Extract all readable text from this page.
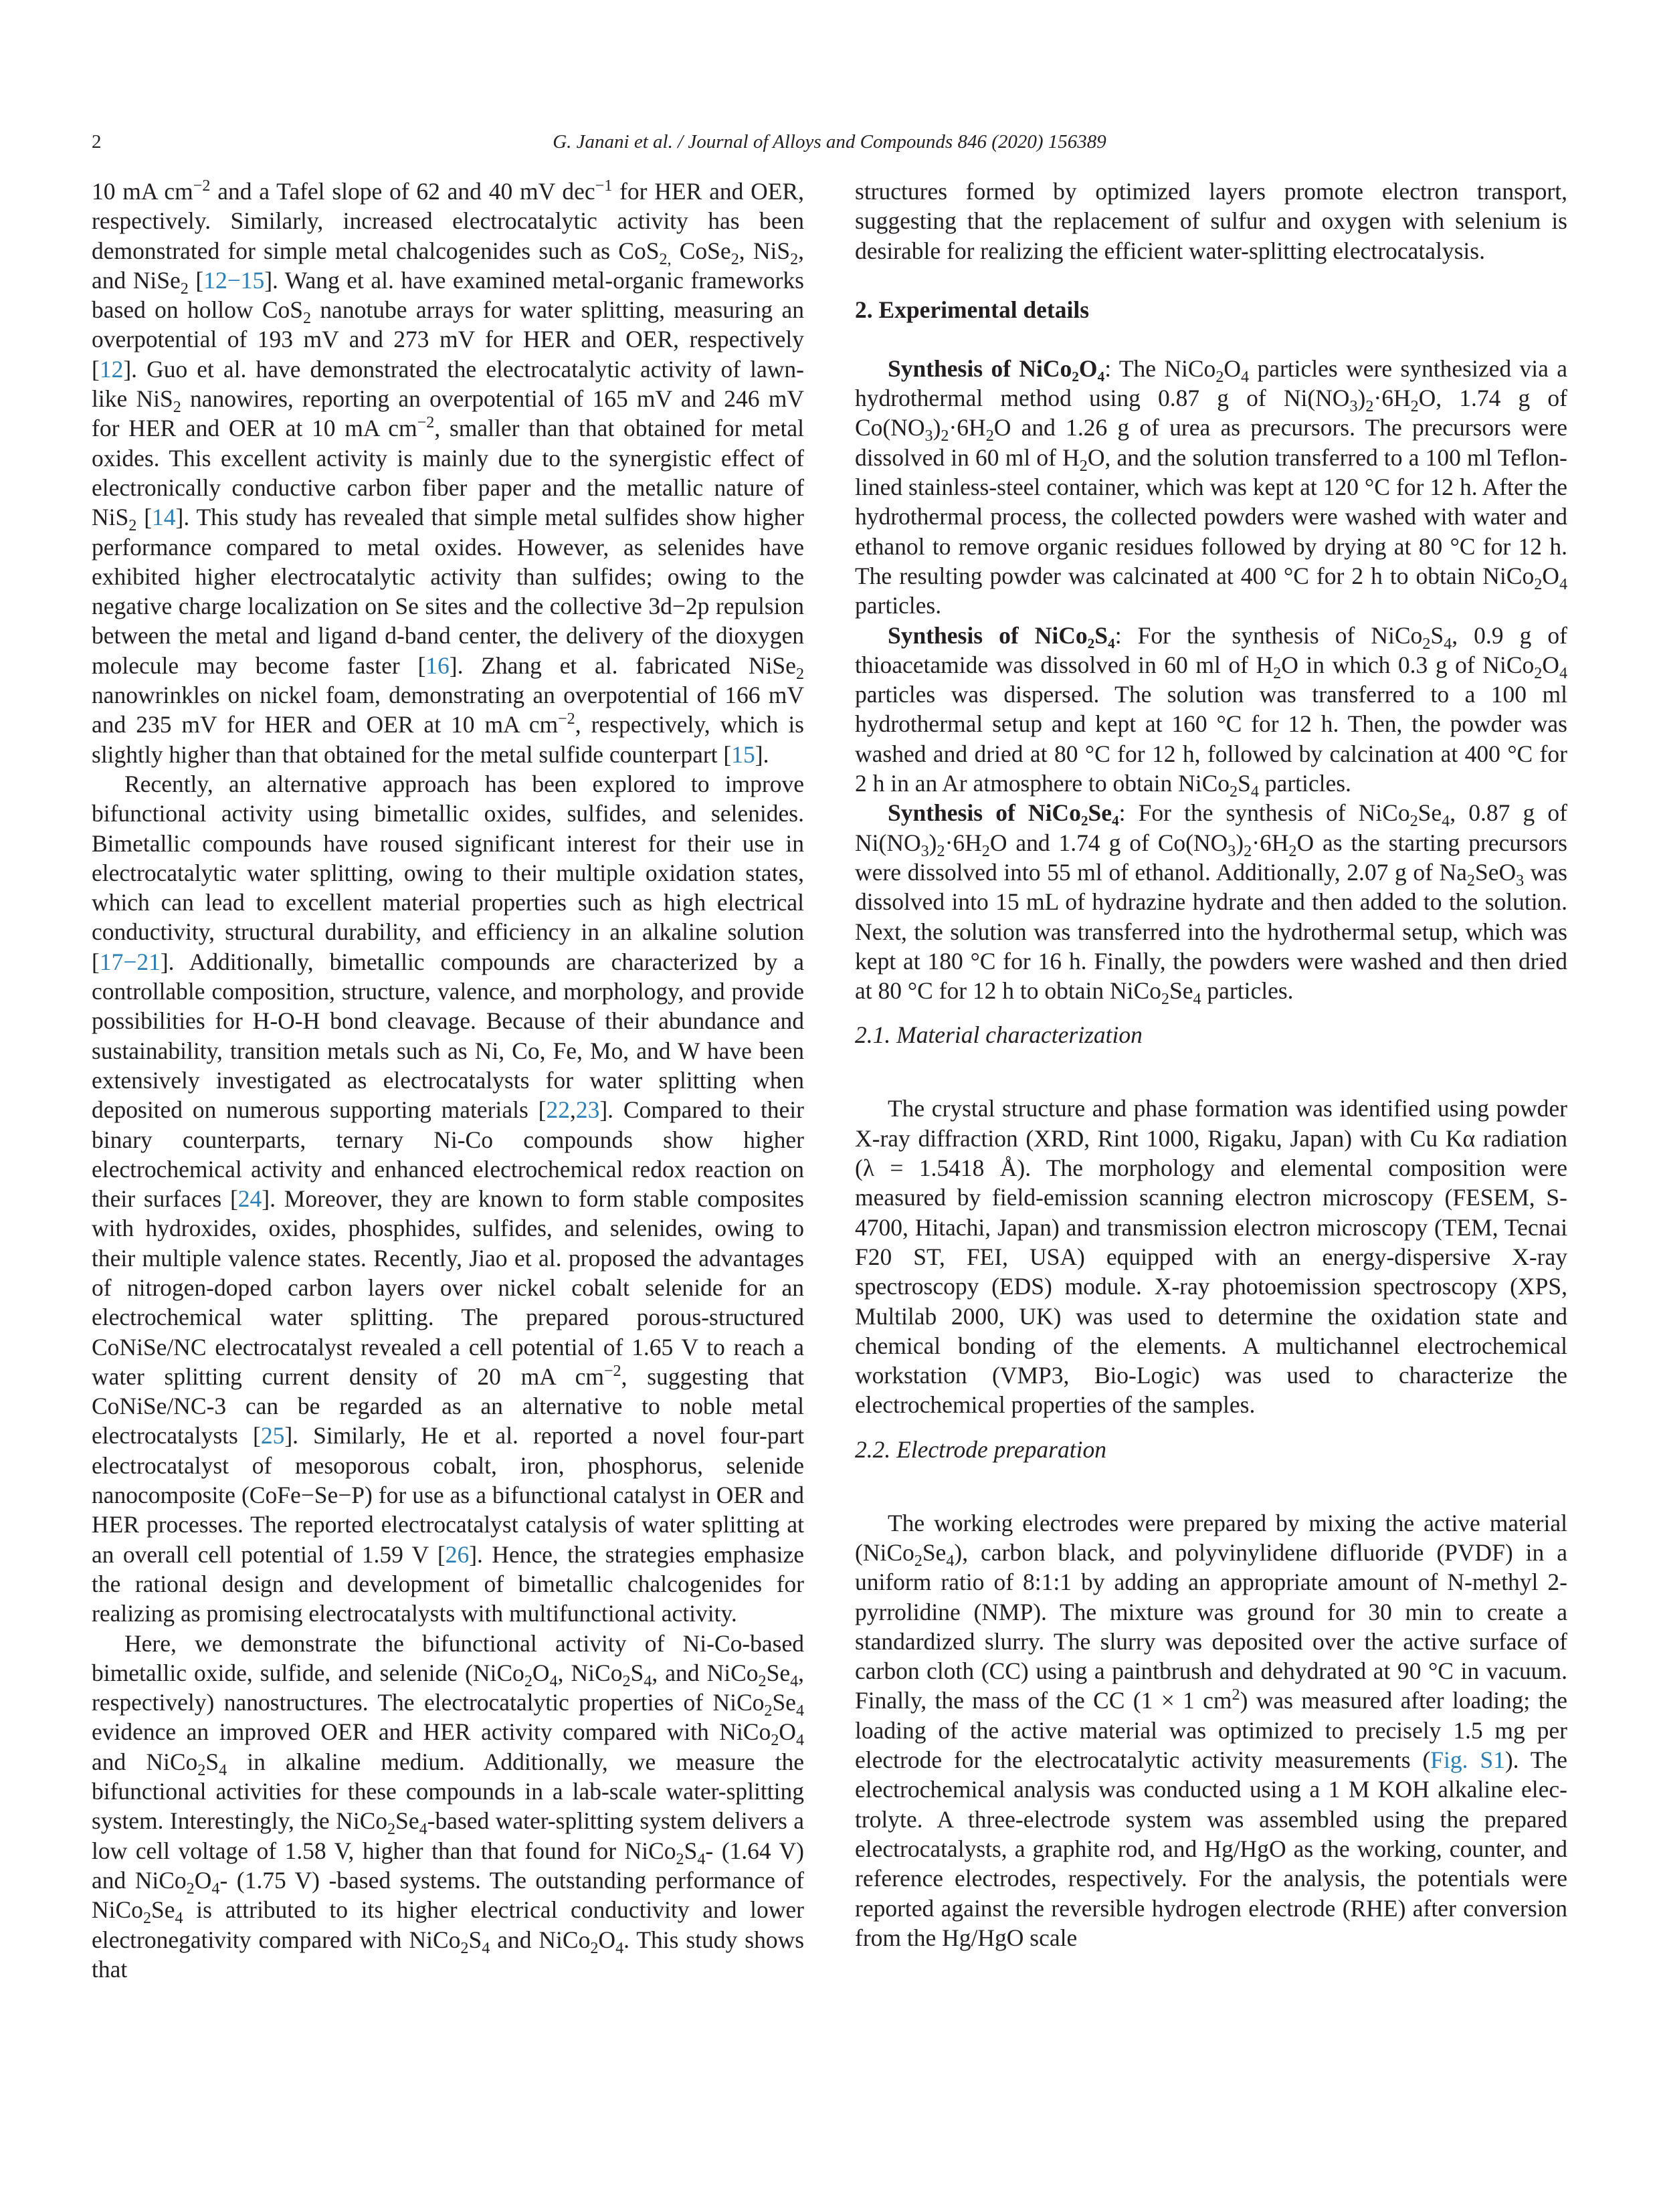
2	G. Janani et al. / Journal of Alloys and Compounds 846 (2020) 156389

10 mA $cm^{-2}$ and a Tafel slope of 62 and 40 mV dec$^{-1}$ for HER and OER, respectively. Similarly, increased electrocatalytic activity has been demonstrated for simple metal chalcogenides such as CoS$_{2,}$ CoSe$_2$, NiS$_2$, and NiSe$_2$ [12−15]. Wang et al. have examined metal-organic frameworks based on hollow CoS$_2$ nanotube arrays for water splitting, measuring an overpotential of 193 mV and 273 mV for HER and OER, respectively [12]. Guo et al. have demonstrated the electrocatalytic activity of lawn-like NiS$_2$ nanowires, reporting an overpotential of 165 mV and 246 mV for HER and OER at 10 mA $cm^{-2}$, smaller than that obtained for metal oxides. This excellent activity is mainly due to the synergistic effect of electronically conductive carbon fiber paper and the metallic nature of NiS$_2$ [14]. This study has revealed that simple metal sulfides show higher performance compared to metal oxides. However, as selenides have exhibited higher electrocatalytic activity than sulfides; owing to the negative charge localization on Se sites and the collective 3d−2p repulsion between the metal and ligand d-band center, the delivery of the dioxygen molecule may become faster [16]. Zhang et al. fabricated NiSe$_2$ nanowrinkles on nickel foam, demonstrating an overpotential of 166 mV and 235 mV for HER and OER at 10 mA $cm^{-2}$, respectively, which is slightly higher than that obtained for the metal sulfide counterpart [15].

Recently, an alternative approach has been explored to improve bifunctional activity using bimetallic oxides, sulfides, and selenides. Bimetallic compounds have roused significant interest for their use in electrocatalytic water splitting, owing to their multiple oxidation states, which can lead to excellent material properties such as high electrical conductivity, structural durability, and efficiency in an alkaline solution [17−21]. Additionally, bimetallic compounds are characterized by a controllable composition, structure, valence, and morphology, and provide possibilities for H-O-H bond cleavage. Because of their abundance and sustainability, transition metals such as Ni, Co, Fe, Mo, and W have been extensively investigated as electrocatalysts for water splitting when deposited on numerous supporting materials [22,23]. Compared to their binary counterparts, ternary Ni-Co compounds show higher electrochemical activity and enhanced electrochemical redox reaction on their surfaces [24]. Moreover, they are known to form stable composites with hydroxides, oxides, phosphides, sulfides, and selenides, owing to their multiple valence states. Recently, Jiao et al. proposed the advantages of nitrogen-doped carbon layers over nickel cobalt selenide for an electrochemical water splitting. The prepared porous-structured CoNiSe/NC electrocatalyst revealed a cell potential of 1.65 V to reach a water splitting current density of 20 mA $cm^{-2}$, suggesting that CoNiSe/NC-3 can be regarded as an alternative to noble metal electrocatalysts [25]. Similarly, He et al. reported a novel four-part electrocatalyst of mesoporous cobalt, iron, phosphorus, selenide nanocomposite (CoFe−Se−P) for use as a bifunctional catalyst in OER and HER processes. The reported electrocatalyst catalysis of water splitting at an overall cell potential of 1.59 V [26]. Hence, the strategies emphasize the rational design and development of bimetallic chalcogenides for realizing as promising electrocatalysts with multifunctional activity.

Here, we demonstrate the bifunctional activity of Ni-Co-based bimetallic oxide, sulfide, and selenide ($NiCo_2O_4$, $NiCo_2S_4$, and $NiCo_2Se_4$, respectively) nanostructures. The electrocatalytic properties of $NiCo_2Se_4$ evidence an improved OER and HER activity compared with $NiCo_2O_4$ and $NiCo_2S_4$ in alkaline medium. Additionally, we measure the bifunctional activities for these compounds in a lab-scale water-splitting system. Interestingly, the $NiCo_2Se_4$-based water-splitting system delivers a low cell voltage of 1.58 V, higher than that found for $NiCo_2S_4-$ (1.64 V) and $NiCo_2O_4-$ (1.75 V) -based systems. The outstanding performance of $NiCo_2Se_4$ is attributed to its higher electrical conductivity and lower electronegativity compared with $NiCo_2S_4$ and $NiCo_2O_4$. This study shows that

structures formed by optimized layers promote electron transport, suggesting that the replacement of sulfur and oxygen with selenium is desirable for realizing the efficient water-splitting electrocatalysis.

2. Experimental details

Synthesis of NiCo₂O₄: The $NiCo_2O_4$ particles were synthesized via a hydrothermal method using 0.87 g of $Ni(NO_3)_2\cdot 6H_2O$, 1.74 g of $Co(NO_3)_2\cdot 6H_2O$ and 1.26 g of urea as precursors. The precursors were dissolved in 60 ml of $H_2O$, and the solution transferred to a 100 ml Teflon-lined stainless-steel container, which was kept at 120 °C for 12 h. After the hydrothermal process, the collected powders were washed with water and ethanol to remove organic residues followed by drying at 80 °C for 12 h. The resulting powder was calcinated at 400 °C for 2 h to obtain $NiCo_2O_4$ particles.

Synthesis of NiCo₂S₄: For the synthesis of $NiCo_2S_4$, 0.9 g of thioacetamide was dissolved in 60 ml of $H_2O$ in which 0.3 g of $NiCo_2O_4$ particles was dispersed. The solution was transferred to a 100 ml hydrothermal setup and kept at 160 °C for 12 h. Then, the powder was washed and dried at 80 °C for 12 h, followed by calcination at 400 °C for 2 h in an Ar atmosphere to obtain $NiCo_2S_4$ particles.

Synthesis of NiCo₂Se₄: For the synthesis of $NiCo_2Se_4$, 0.87 g of $Ni(NO_3)_2\cdot 6H_2O$ and 1.74 g of $Co(NO_3)_2\cdot 6H_2O$ as the starting precursors were dissolved into 55 ml of ethanol. Additionally, 2.07 g of $Na_2SeO_3$ was dissolved into 15 mL of hydrazine hydrate and then added to the solution. Next, the solution was transferred into the hydrothermal setup, which was kept at 180 °C for 16 h. Finally, the powders were washed and then dried at 80 °C for 12 h to obtain $NiCo_2Se_4$ particles.

2.1. Material characterization

The crystal structure and phase formation was identified using powder X-ray diffraction (XRD, Rint 1000, Rigaku, Japan) with Cu Kα radiation (λ = 1.5418 Å). The morphology and elemental composition were measured by field-emission scanning electron microscopy (FESEM, S-4700, Hitachi, Japan) and transmission electron microscopy (TEM, Tecnai F20 ST, FEI, USA) equipped with an energy-dispersive X-ray spectroscopy (EDS) module. X-ray photoemission spectroscopy (XPS, Multilab 2000, UK) was used to determine the oxidation state and chemical bonding of the elements. A multichannel electrochemical workstation (VMP3, Bio-Logic) was used to characterize the electrochemical properties of the samples.

2.2. Electrode preparation

The working electrodes were prepared by mixing the active material $(NiCo_2Se_4)$, carbon black, and polyvinylidene difluoride (PVDF) in a uniform ratio of 8:1:1 by adding an appropriate amount of N-methyl 2-pyrrolidine (NMP). The mixture was ground for 30 min to create a standardized slurry. The slurry was deposited over the active surface of carbon cloth (CC) using a paintbrush and dehydrated at 90 °C in vacuum. Finally, the mass of the CC (1 × 1 $cm^2$) was measured after loading; the loading of the active material was optimized to precisely 1.5 mg per electrode for the electrocatalytic activity measurements (Fig. S1). The electrochemical analysis was conducted using a 1 M KOH alkaline electrolyte. A three-electrode system was assembled using the prepared electrocatalysts, a graphite rod, and Hg/HgO as the working, counter, and reference electrodes, respectively. For the analysis, the potentials were reported against the reversible hydrogen electrode (RHE) after conversion from the Hg/HgO scale
